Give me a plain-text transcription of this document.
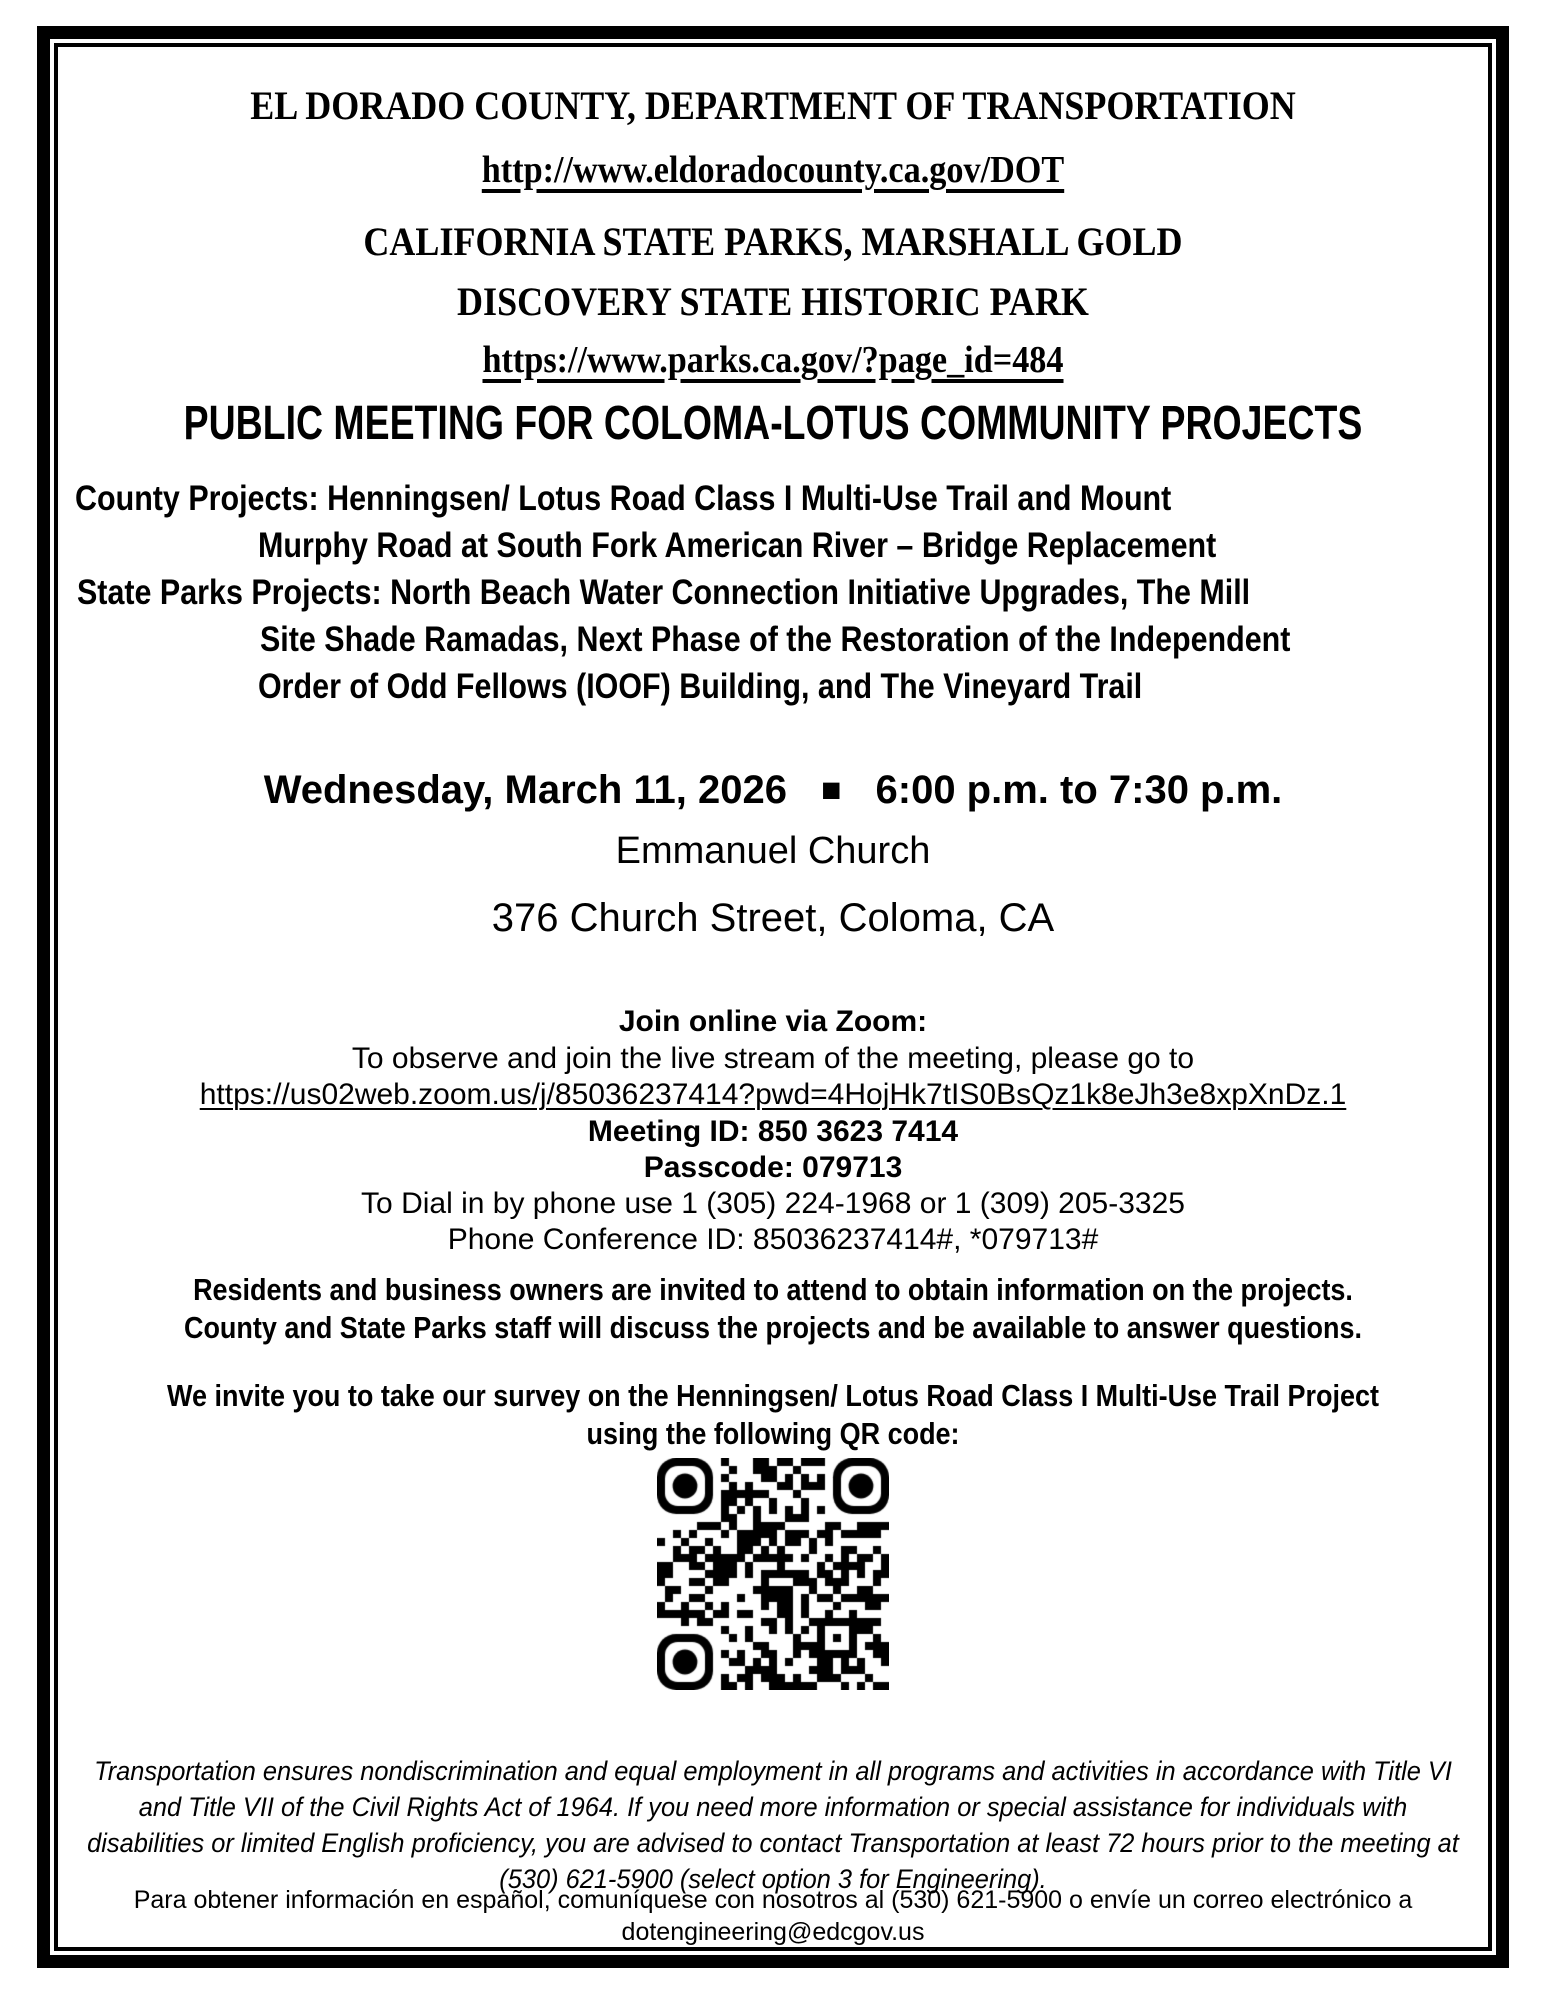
EL DORADO COUNTY, DEPARTMENT OF TRANSPORTATION
http://www.eldoradocounty.ca.gov/DOT
CALIFORNIA STATE PARKS, MARSHALL GOLD
DISCOVERY STATE HISTORIC PARK
https://www.parks.ca.gov/?page_id=484
PUBLIC MEETING FOR COLOMA-LOTUS COMMUNITY PROJECTS
County Projects: Henningsen/ Lotus Road Class I Multi-Use Trail and Mount
Murphy Road at South Fork American River – Bridge Replacement
State Parks Projects: North Beach Water Connection Initiative Upgrades, The Mill
Site Shade Ramadas, Next Phase of the Restoration of the Independent
Order of Odd Fellows (IOOF) Building, and The Vineyard Trail
Wednesday, March 11, 2026 ■ 6:00 p.m. to 7:30 p.m.
Emmanuel Church
376 Church Street, Coloma, CA
Join online via Zoom:
To observe and join the live stream of the meeting, please go to
https://us02web.zoom.us/j/85036237414?pwd=4HojHk7tIS0BsQz1k8eJh3e8xpXnDz.1
Meeting ID: 850 3623 7414
Passcode: 079713
To Dial in by phone use 1 (305) 224-1968 or 1 (309) 205-3325
Phone Conference ID: 85036237414#, *079713#
Residents and business owners are invited to attend to obtain information on the projects.
County and State Parks staff will discuss the projects and be available to answer questions.
We invite you to take our survey on the Henningsen/ Lotus Road Class I Multi-Use Trail Project
using the following QR code:
Transportation ensures nondiscrimination and equal employment in all programs and activities in accordance with Title VI
and Title VII of the Civil Rights Act of 1964. If you need more information or special assistance for individuals with
disabilities or limited English proficiency, you are advised to contact Transportation at least 72 hours prior to the meeting at
(530) 621-5900 (select option 3 for Engineering).
Para obtener información en español, comuníquese con nosotros al (530) 621-5900 o envíe un correo electrónico a
dotengineering@edcgov.us
